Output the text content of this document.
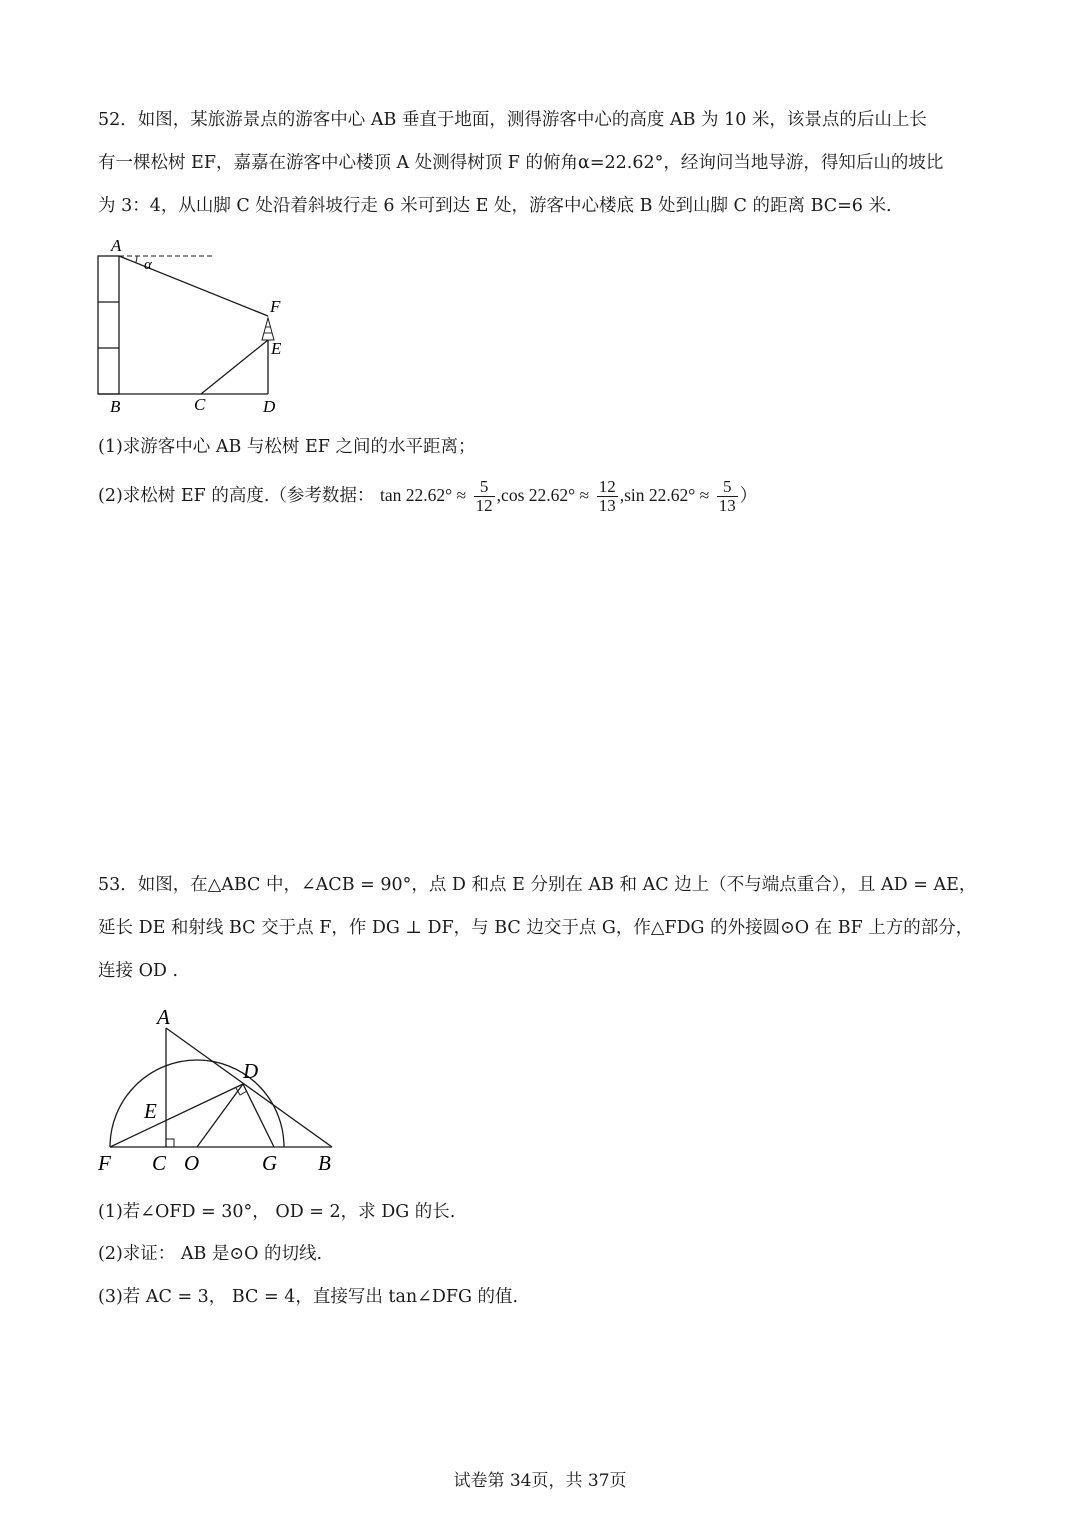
52．如图，某旅游景点的游客中心 AB 垂直于地面，测得游客中心的高度 AB 为 10 米，该景点的后山上长
有一棵松树 EF，嘉嘉在游客中心楼顶 A 处测得树顶 F 的俯角α=22.62°，经询问当地导游，得知后山的坡比
为 3：4，从山脚 C 处沿着斜坡行走 6 米可到达 E 处，游客中心楼底 B 处到山脚 C 的距离 BC=6 米.
A
α
F
E
B	C	D
(1)求游客中心 AB 与松树 EF 之间的水平距离；
(2)求松树 EF 的高度.（参考数据： $\tan 22.62^\circ \approx \frac{5}{12} ,\cos$ $22.62^\circ \approx \frac{12}{13} ,\sin$ $22.62^\circ \approx \frac{5}{13}$ ）
53．如图，在△ABC 中，∠ACB = 90°，点 D 和点 E 分别在 AB 和 AC 边上（不与端点重合），且 AD = AE，
延长 DE 和射线 BC 交于点 F，作 DG ⊥ DF，与 BC 边交于点 G，作△FDG 的外接圆⊙O 在 BF 上方的部分，
连接 OD .
A
D
E
F C O	G B
(1)若∠OFD = 30°， OD = 2，求 DG 的长.
(2)求证： AB 是⊙O 的切线.
(3)若 AC = 3， BC = 4，直接写出 tan∠DFG 的值.
试卷第 34页，共 37页
